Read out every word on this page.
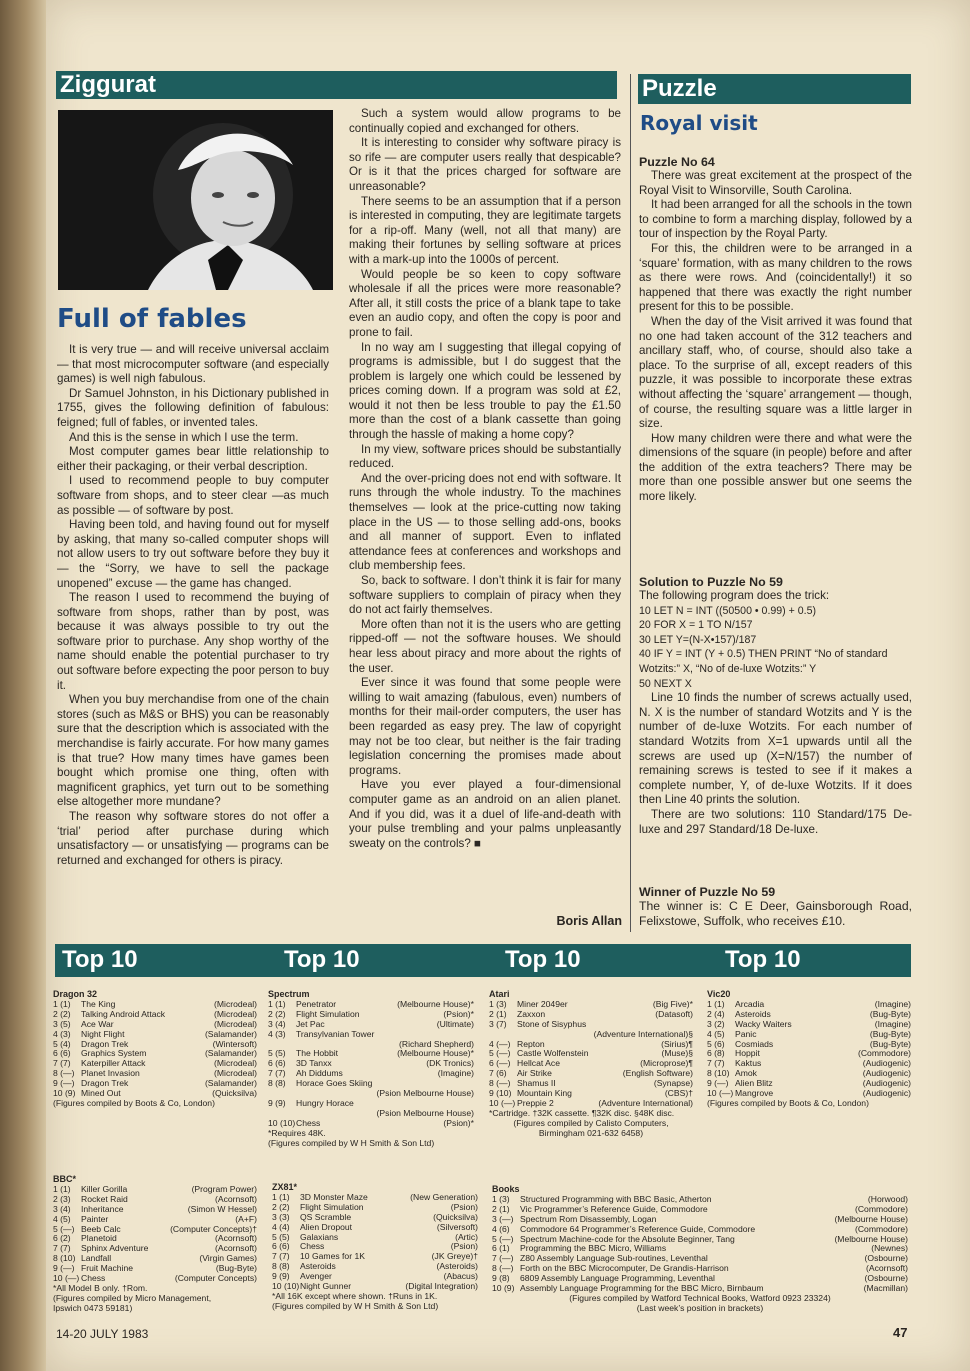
Ziggurat
Full of fables

It is very true — and will receive universal acclaim — that most microcomputer software (and especially games) is well nigh fabulous.

Dr Samuel Johnston, in his Dictionary published in 1755, gives the following definition of fabulous: feigned; full of fables, or invented tales.

And this is the sense in which I use the term.

Most computer games bear little relationship to either their packaging, or their verbal description.

I used to recommend people to buy computer software from shops, and to steer clear —as much as possible — of software by post.

Having been told, and having found out for myself by asking, that many so-called computer shops will not allow users to try out software before they buy it — the “Sorry, we have to sell the package unopened” excuse — the game has changed.

The reason I used to recommend the buying of software from shops, rather than by post, was because it was always possible to try out the software prior to purchase. Any shop worthy of the name should enable the potential purchaser to try out software before expecting the poor person to buy it.

When you buy merchandise from one of the chain stores (such as M&S or BHS) you can be reasonably sure that the description which is associated with the merchandise is fairly accurate. For how many games is that true? How many times have games been bought which promise one thing, often with magnificent graphics, yet turn out to be something else altogether more mundane?

The reason why software stores do not offer a ‘trial’ period after purchase during which unsatisfactory — or unsatisfying — programs can be returned and exchanged for others is piracy.

Such a system would allow programs to be continually copied and exchanged for others.

It is interesting to consider why software piracy is so rife — are computer users really that despicable? Or is it that the prices charged for software are unreasonable?

There seems to be an assumption that if a person is interested in computing, they are legitimate targets for a rip-off. Many (well, not all that many) are making their fortunes by selling software at prices with a mark-up into the 1000s of percent.

Would people be so keen to copy software wholesale if all the prices were more reasonable? After all, it still costs the price of a blank tape to take even an audio copy, and often the copy is poor and prone to fail.

In no way am I suggesting that illegal copying of programs is admissible, but I do suggest that the problem is largely one which could be lessened by prices coming down. If a program was sold at £2, would it not then be less trouble to pay the £1.50 more than the cost of a blank cassette than going through the hassle of making a home copy?

In my view, software prices should be substantially reduced.

And the over-pricing does not end with software. It runs through the whole industry. To the machines themselves — look at the price-cutting now taking place in the US — to those selling add-ons, books and all manner of support. Even to inflated attendance fees at conferences and workshops and club membership fees.

So, back to software. I don’t think it is fair for many software suppliers to complain of piracy when they do not act fairly themselves.

More often than not it is the users who are getting ripped-off — not the software houses. We should hear less about piracy and more about the rights of the user.

Ever since it was found that some people were willing to wait amazing (fabulous, even) numbers of months for their mail-order computers, the user has been regarded as easy prey. The law of copyright may not be too clear, but neither is the fair trading legislation concerning the promises made about programs.

Have you ever played a four-dimensional computer game as an android on an alien planet. And if you did, was it a duel of life-and-death with your pulse trembling and your palms unpleasantly sweaty on the controls? ■

Boris Allan
Puzzle
Royal visit
Puzzle No 64

There was great excitement at the prospect of the Royal Visit to Winsorville, South Carolina.

It had been arranged for all the schools in the town to combine to form a marching display, followed by a tour of inspection by the Royal Party.

For this, the children were to be arranged in a ‘square’ formation, with as many children to the rows as there were rows. And (coincidentally!) it so happened that there was exactly the right number present for this to be possible.

When the day of the Visit arrived it was found that no one had taken account of the 312 teachers and ancillary staff, who, of course, should also take a place. To the surprise of all, except readers of this puzzle, it was possible to incorporate these extras without affecting the ‘square’ arrangement — though, of course, the resulting square was a little larger in size.

How many children were there and what were the dimensions of the square (in people) before and after the addition of the extra teachers? There may be more than one possible answer but one seems the more likely.

Solution to Puzzle No 59

The following program does the trick:

10 LET N = INT ((50500 • 0.99) + 0.5)

20 FOR X = 1 TO N/157

30 LET Y=(N-X•157)/187

40 IF Y = INT (Y + 0.5) THEN PRINT “No of standard Wotzits:” X, “No of de-luxe Wotzits:” Y

50 NEXT X

Line 10 finds the number of screws actually used, N. X is the number of standard Wotzits and Y is the number of de-luxe Wotzits. For each number of standard Wotzits from X=1 upwards until all the screws are used up (X=N/157) the number of remaining screws is tested to see if it makes a complete number, Y, of de-luxe Wotzits. If it does then Line 40 prints the solution.

There are two solutions: 110 Standard/175 De-luxe and 297 Standard/18 De-luxe.

Winner of Puzzle No 59

The winner is: C E Deer, Gainsborough Road, Felixstowe, Suffolk, who receives £10.

Top 10	Top 10	Top 10	Top 10
Dragon 32
1 (1)	The King	(Microdeal)
2 (2)	Talking Android Attack	(Microdeal)
3 (5)	Ace War	(Microdeal)
4 (3)	Night Flight	(Salamander)
5 (4)	Dragon Trek	(Wintersoft)
6 (6)	Graphics System	(Salamander)
7 (7)	Katerpiller Attack	(Microdeal)
8 (—) Planet Invasion	(Microdeal)
9 (—) Dragon Trek	(Salamander)
10 (9) Mined Out	(Quicksilva)
(Figures compiled by Boots & Co, London)
Spectrum
1 (1)	Penetrator	(Melbourne House)*
2 (2)	Flight Simulation	(Psion)*
3 (4)	Jet Pac	(Ultimate)
4 (3)	Transylvanian Tower
(Richard Shepherd)
5 (5)	The Hobbit	(Melbourne House)*
6 (6)	3D Tanxx	(DK Tronics)
7 (7)	Ah Diddums	(Imagine)
8 (8)	Horace Goes Skiing
(Psion Melbourne House)
9 (9)	Hungry Horace
(Psion Melbourne House)
10 (10) Chess	(Psion)*
*Requires 48K.
(Figures compiled by W H Smith & Son Ltd)
Atari
1 (3)	Miner 2049er	(Big Five)*
2 (1)	Zaxxon	(Datasoft)
3 (7)	Stone of Sisyphus
(Adventure International)§
4 (—) Repton	(Sirius)¶
5 (—) Castle Wolfenstein	(Muse)§
6 (—) Hellcat Ace	(Microprose)¶
7 (6)	Air Strike	(English Software)
8 (—) Shamus II	(Synapse)
9 (10) Mountain King	(CBS)†
10 (—) Preppie 2	(Adventure International)
*Cartridge. †32K cassette. ¶32K disc. §48K disc.
(Figures compiled by Calisto Computers,
Birmingham 021-632 6458)
Vic20
1 (1)	Arcadia	(Imagine)
2 (4)	Asteroids	(Bug-Byte)
3 (2)	Wacky Waiters	(Imagine)
4 (5)	Panic	(Bug-Byte)
5 (6)	Cosmiads	(Bug-Byte)
6 (8)	Hoppit	(Commodore)
7 (7)	Kaktus	(Audiogenic)
8 (10) Amok	(Audiogenic)
9 (—) Alien Blitz	(Audiogenic)
10 (—) Mangrove	(Audiogenic)
(Figures compiled by Boots & Co, London)
BBC*
1 (1)	Killer Gorilla	(Program Power)
2 (3)	Rocket Raid	(Acornsoft)
3 (4)	Inheritance	(Simon W Hessel)
4 (5)	Painter	(A+F)
5 (—) Beeb Calc	(Computer Concepts)†
6 (2)	Planetoid	(Acornsoft)
7 (7)	Sphinx Adventure	(Acornsoft)
8 (10) Landfall	(Virgin Games)
9 (—) Fruit Machine	(Bug-Byte)
10 (—) Chess	(Computer Concepts)
*All Model B only. †Rom.
(Figures compiled by Micro Management,
Ipswich 0473 59181)
ZX81*
1 (1)	3D Monster Maze	(New Generation)
2 (2)	Flight Simulation	(Psion)
3 (3)	QS Scramble	(Quicksilva)
4 (4)	Alien Dropout	(Silversoft)
5 (5)	Galaxians	(Artic)
6 (6)	Chess	(Psion)
7 (7)	10 Games for 1K	(JK Greye)†
8 (8)	Asteroids	(Asteroids)
9 (9)	Avenger	(Abacus)
10 (10) Night Gunner	(Digital Integration)
*All 16K except where shown. †Runs in 1K.
(Figures compiled by W H Smith & Son Ltd)
Books
1 (3)	Structured Programming with BBC Basic, Atherton	(Horwood)
2 (1)	Vic Programmer’s Reference Guide, Commodore	(Commodore)
3 (—) Spectrum Rom Disassembly, Logan	(Melbourne House)
4 (6)	Commodore 64 Programmer’s Reference Guide, Commodore	(Commodore)
5 (—) Spectrum Machine-code for the Absolute Beginner, Tang	(Melbourne House)
6 (1)	Programming the BBC Micro, Williams	(Newnes)
7 (—) Z80 Assembly Language Sub-routines, Leventhal	(Osbourne)
8 (—) Forth on the BBC Microcomputer, De Grandis-Harrison	(Acornsoft)
9 (8)	6809 Assembly Language Programming, Leventhal	(Osbourne)
10 (9) Assembly Language Programming for the BBC Micro, Birnbaum	(Macmillan)
(Figures compiled by Watford Technical Books, Watford 0923 23324)
(Last week’s position in brackets)
14-20 JULY 1983	47
